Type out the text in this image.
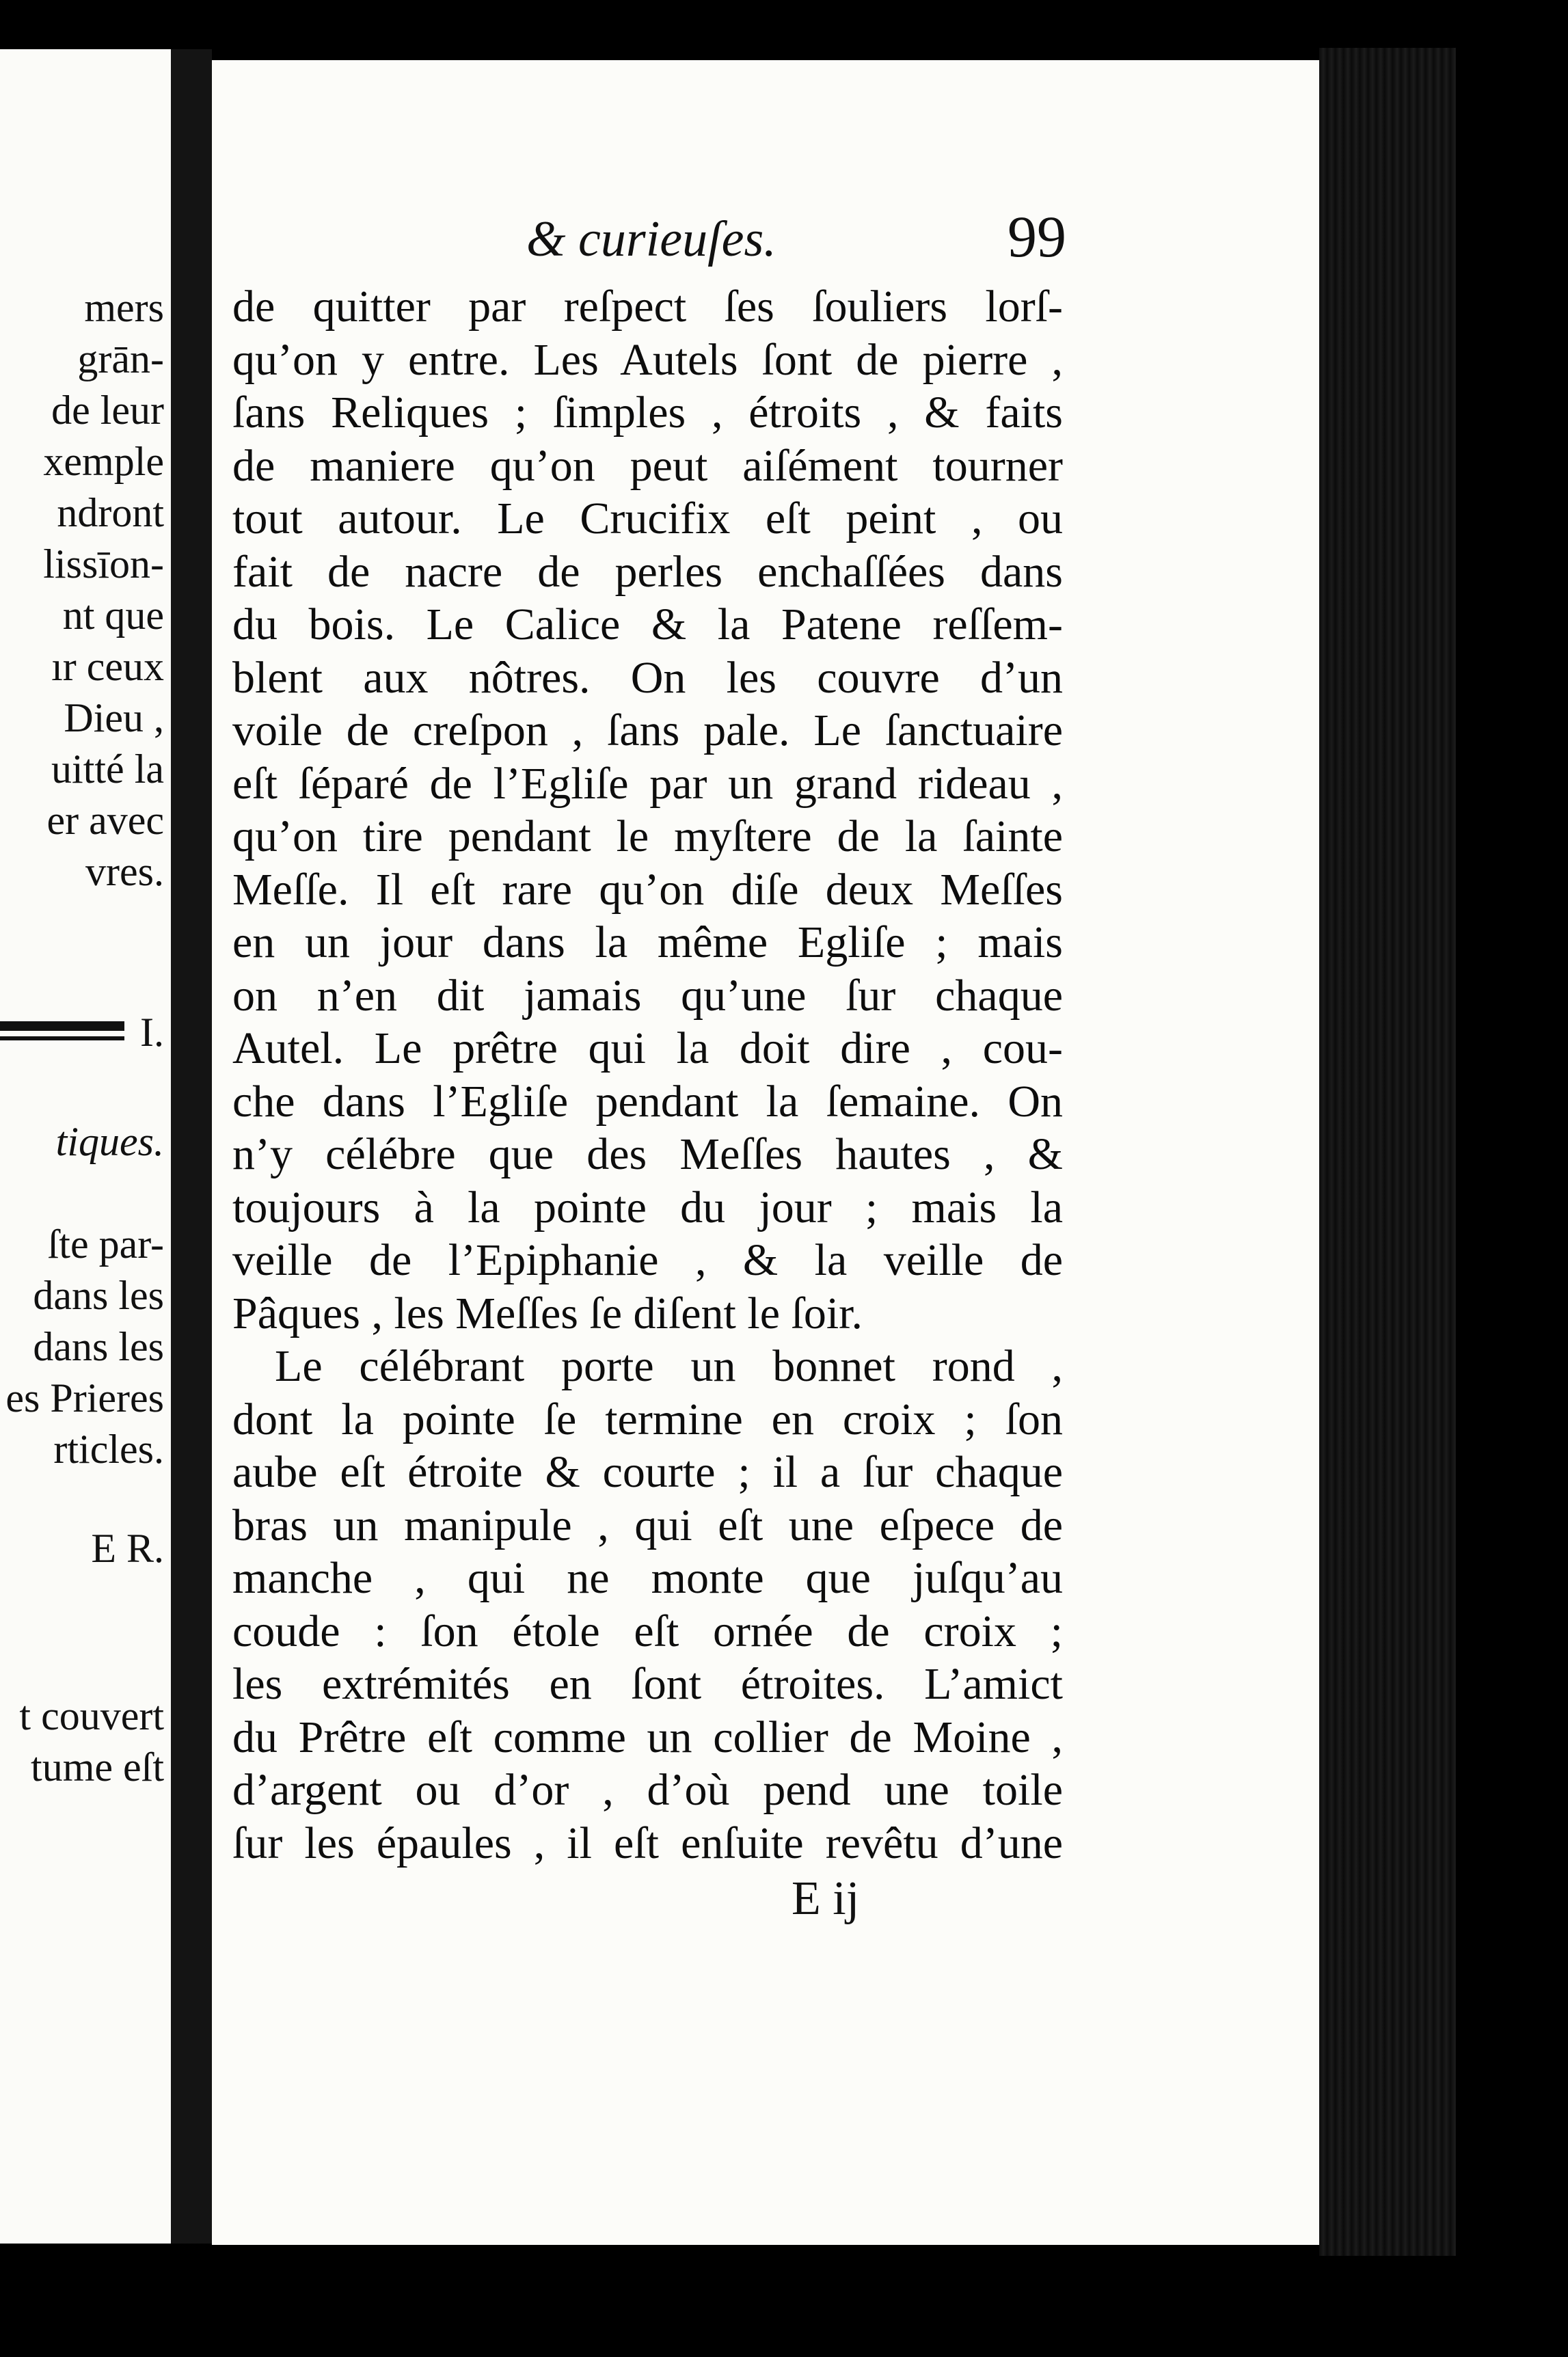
mers
grān-
de leur
xemple
ndront
lissīon-
nt que
ır ceux
Dieu ,
uitté la
er avec
vres.
I.
tiques.
ſte par-
dans les
dans les
es Prieres
rticles.
E R.
t couvert
tume eſt
& curieuſes.	99
de quitter par reſpect ſes ſouliers lorſ-
qu’on y entre. Les Autels ſont de pierre ,
ſans Reliques ; ſimples , étroits , & faits
de maniere qu’on peut aiſément tourner
tout autour. Le Crucifix eſt peint , ou
fait de nacre de perles enchaſſées dans
du bois. Le Calice & la Patene reſſem-
blent aux nôtres. On les couvre d’un
voile de creſpon , ſans pale. Le ſanctuaire
eſt ſéparé de l’Egliſe par un grand rideau ,
qu’on tire pendant le myſtere de la ſainte
Meſſe. Il eſt rare qu’on diſe deux Meſſes
en un jour dans la même Egliſe ; mais
on n’en dit jamais qu’une ſur chaque
Autel. Le prêtre qui la doit dire , cou-
che dans l’Egliſe pendant la ſemaine. On
n’y célébre que des Meſſes hautes , &
toujours à la pointe du jour ; mais la
veille de l’Epiphanie , & la veille de
Pâques , les Meſſes ſe diſent le ſoir.
Le célébrant porte un bonnet rond ,
dont la pointe ſe termine en croix ; ſon
aube eſt étroite & courte ; il a ſur chaque
bras un manipule , qui eſt une eſpece de
manche , qui ne monte que juſqu’au
coude : ſon étole eſt ornée de croix ;
les extrémités en ſont étroites. L’amict
du Prêtre eſt comme un collier de Moine ,
d’argent ou d’or , d’où pend une toile
ſur les épaules , il eſt enſuite revêtu d’une
E ij
